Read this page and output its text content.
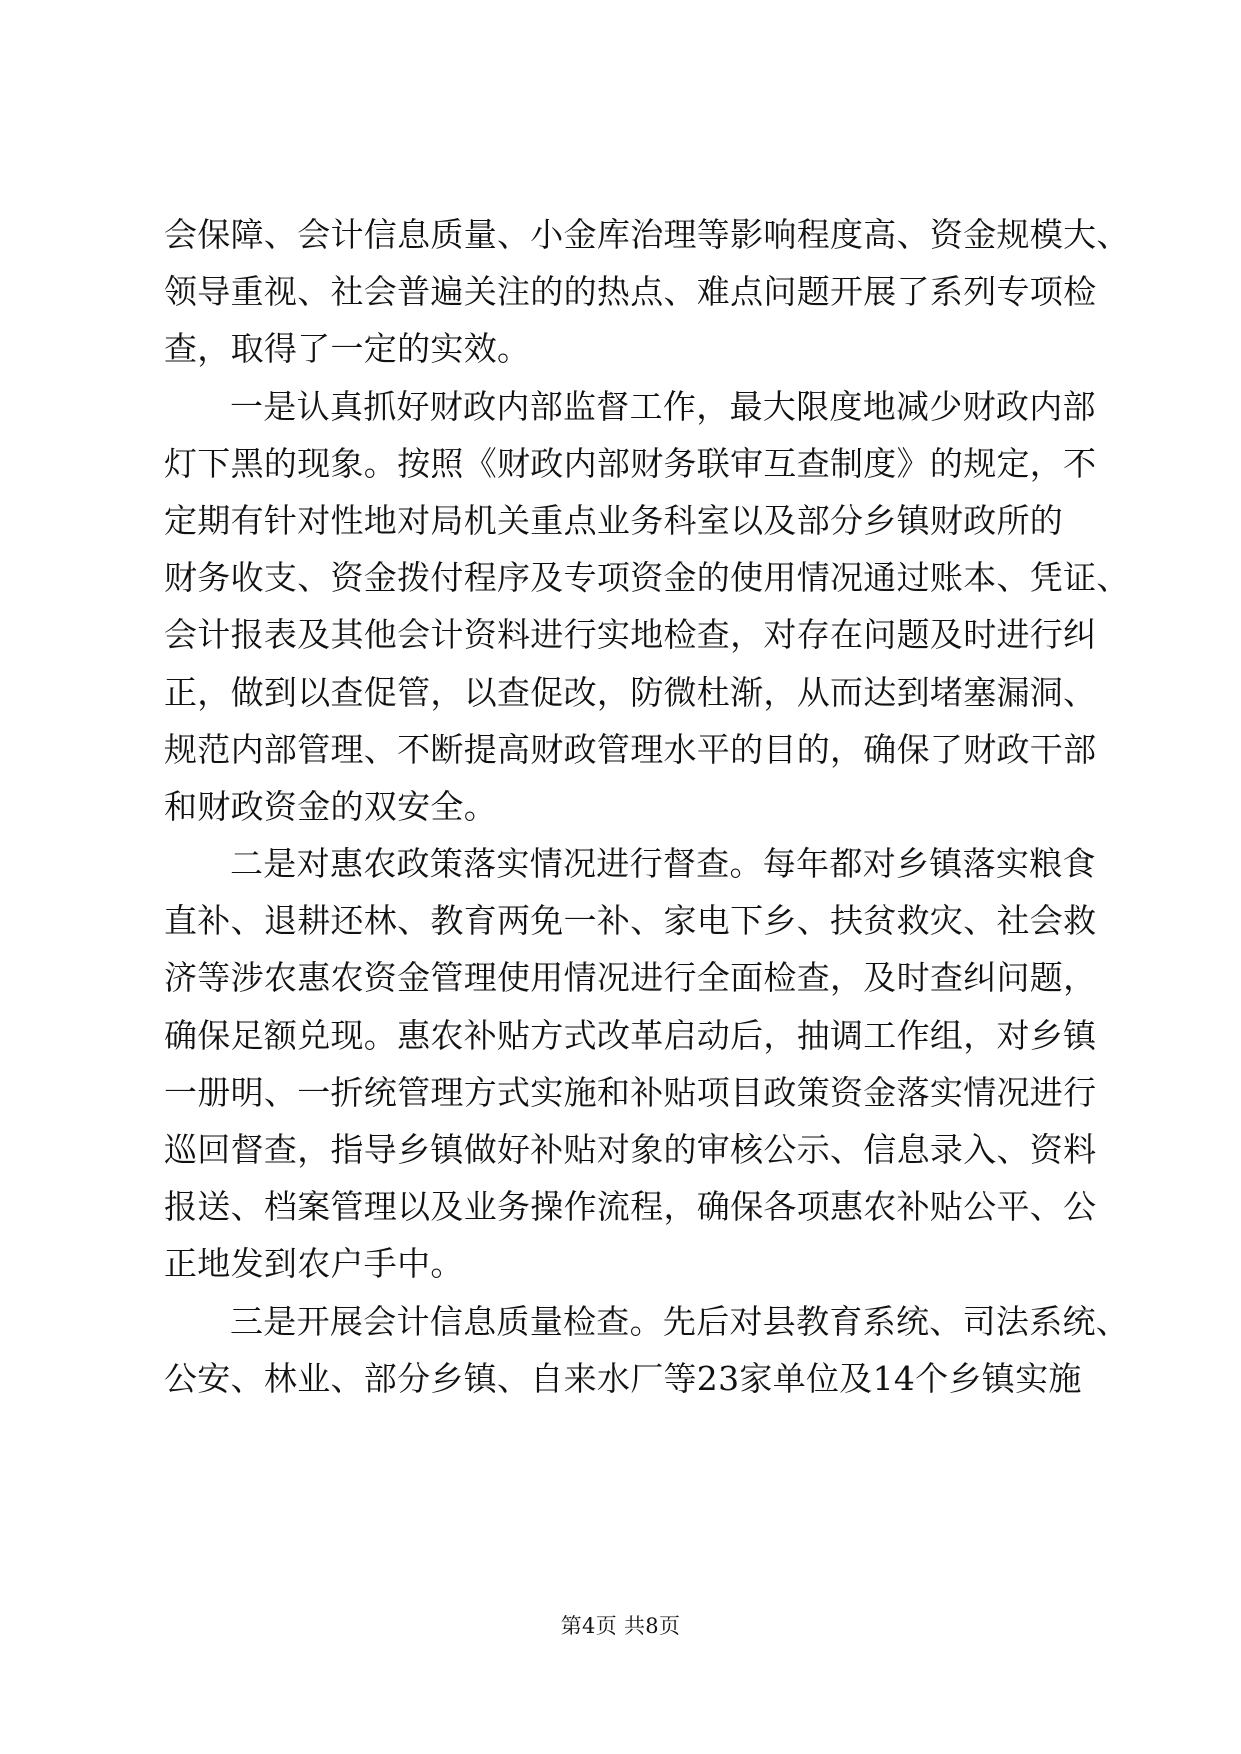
会保障、会计信息质量、小金库治理等影响程度高、资金规模大、
领导重视、社会普遍关注的的热点、难点问题开展了系列专项检
查，取得了一定的实效。
一是认真抓好财政内部监督工作，最大限度地减少财政内部
灯下黑的现象。按照《财政内部财务联审互查制度》的规定，不
定期有针对性地对局机关重点业务科室以及部分乡镇财政所的
财务收支、资金拨付程序及专项资金的使用情况通过账本、凭证、
会计报表及其他会计资料进行实地检查，对存在问题及时进行纠
正，做到以查促管，以查促改，防微杜渐，从而达到堵塞漏洞、
规范内部管理、不断提高财政管理水平的目的，确保了财政干部
和财政资金的双安全。
二是对惠农政策落实情况进行督查。每年都对乡镇落实粮食
直补、退耕还林、教育两免一补、家电下乡、扶贫救灾、社会救
济等涉农惠农资金管理使用情况进行全面检查，及时查纠问题，
确保足额兑现。惠农补贴方式改革启动后，抽调工作组，对乡镇
一册明、一折统管理方式实施和补贴项目政策资金落实情况进行
巡回督查，指导乡镇做好补贴对象的审核公示、信息录入、资料
报送、档案管理以及业务操作流程，确保各项惠农补贴公平、公
正地发到农户手中。
三是开展会计信息质量检查。先后对县教育系统、司法系统、
公安、林业、部分乡镇、自来水厂等23家单位及14个乡镇实施
第4页 共8页
